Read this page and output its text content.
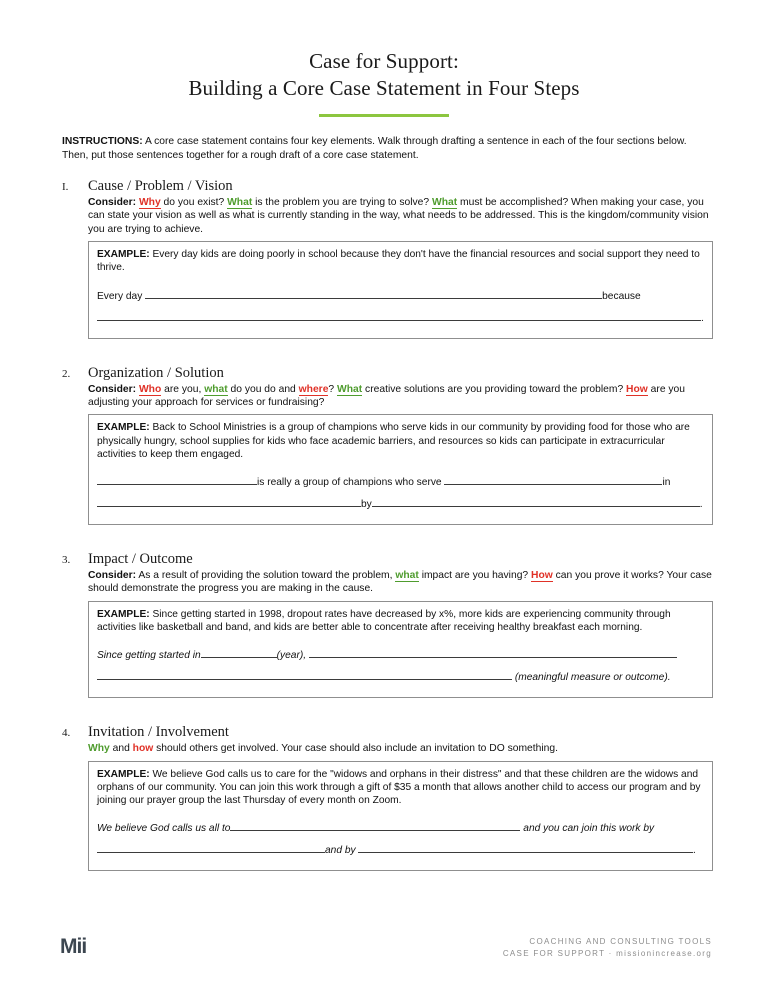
Case for Support:
Building a Core Case Statement in Four Steps
INSTRUCTIONS: A core case statement contains four key elements. Walk through drafting a sentence in each of the four sections below. Then, put those sentences together for a rough draft of a core case statement.
I.	Cause / Problem / Vision
Consider: Why do you exist? What is the problem you are trying to solve? What must be accomplished? When making your case, you can state your vision as well as what is currently standing in the way, what needs to be addressed. This is the kingdom/community vision you are trying to achieve.
EXAMPLE: Every day kids are doing poorly in school because they don't have the financial resources and social support they need to thrive.
Every day	because
.
2.	Organization / Solution
Consider: Who are you, what do you do and where? What creative solutions are you providing toward the problem? How are you adjusting your approach for services or fundraising?
EXAMPLE: Back to School Ministries is a group of champions who serve kids in our community by providing food for those who are physically hungry, school supplies for kids who face academic barriers, and resources so kids can participate in extracurricular activities to keep them engaged.
is really a group of champions who serve	in
by	.
3.	Impact / Outcome
Consider: As a result of providing the solution toward the problem, what impact are you having? How can you prove it works? Your case should demonstrate the progress you are making in the cause.
EXAMPLE: Since getting started in 1998, dropout rates have decreased by x%, more kids are experiencing community through activities like basketball and band, and kids are better able to concentrate after receiving healthy breakfast each morning.
Since getting started in	(year),
(meaningful measure or outcome).
4.	Invitation / Involvement
Why and how should others get involved. Your case should also include an invitation to DO something.
EXAMPLE: We believe God calls us to care for the "widows and orphans in their distress" and that these children are the widows and orphans of our community. You can join this work through a gift of $35 a month that allows another child to access our program and by joining our prayer group the last Thursday of every month on Zoom.
We believe God calls us all to	and you can join this work by
and by	.
Mii	COACHING AND CONSULTING TOOLS
CASE FOR SUPPORT · missionincrease.org
